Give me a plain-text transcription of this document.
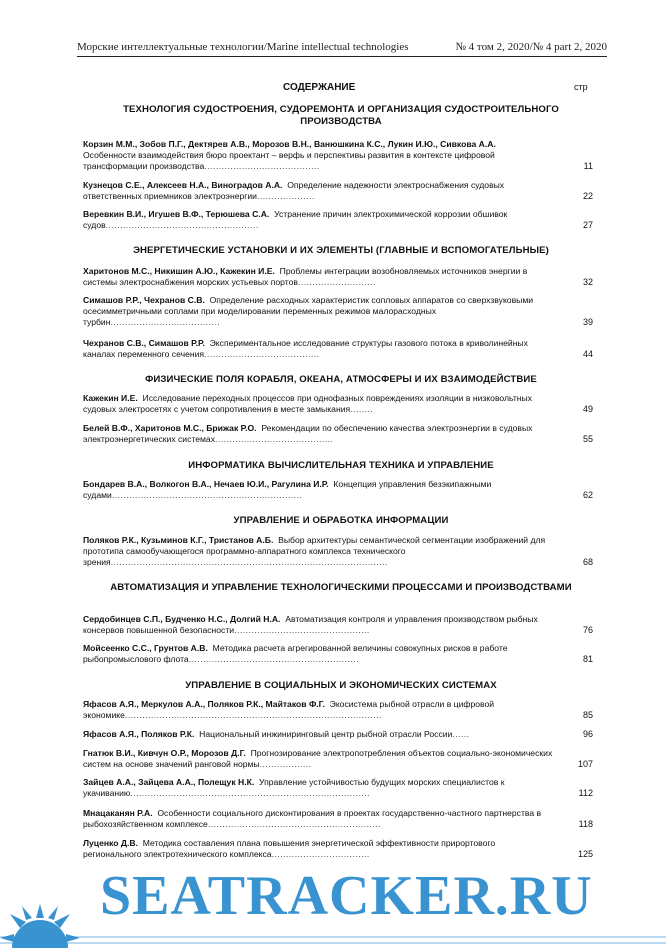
Морские интеллектуальные технологии/Marine intellectual technologies	№ 4 том 2, 2020/№ 4 part 2, 2020
СОДЕРЖАНИЕ	стр
ТЕХНОЛОГИЯ СУДОСТРОЕНИЯ, СУДОРЕМОНТА И ОРГАНИЗАЦИЯ СУДОСТРОИТЕЛЬНОГО ПРОИЗВОДСТВА
Корзин М.М., Зобов П.Г., Дектярев А.В., Морозов В.Н., Ванюшкина К.С., Лукин И.Ю., Сивкова А.А.  Особенности взаимодействия бюро проектант – верфь и перспективы развития в контексте цифровой трансформации производства........................................	11
Кузнецов С.Е., Алексеев Н.А., Виноградов А.А. Определение надежности электроснабжения судовых ответственных приемников электроэнергии....................	22
Веревкин В.И., Игушев В.Ф., Терюшева С.А. Устранение причин электрохимической коррозии обшивок судов.....................................................	27
ЭНЕРГЕТИЧЕСКИЕ УСТАНОВКИ И ИХ ЭЛЕМЕНТЫ (ГЛАВНЫЕ И ВСПОМОГАТЕЛЬНЫЕ)
Харитонов М.С., Никишин А.Ю., Кажекин И.Е. Проблемы интеграции возобновляемых источников энергии в системы электроснабжения морских устьевых портов...........................	32
Симашов Р.Р., Чехранов С.В. Определение расходных характеристик сопловых аппаратов со сверхзвуковыми осесимметричными соплами при моделировании переменных режимов малорасходных турбин......................................	39
Чехранов С.В., Симашов Р.Р. Экспериментальное исследование структуры газового потока в криволинейных каналах переменного сечения........................................	44
ФИЗИЧЕСКИЕ ПОЛЯ КОРАБЛЯ, ОКЕАНА, АТМОСФЕРЫ И ИХ ВЗАИМОДЕЙСТВИЕ
Кажекин И.Е. Исследование переходных процессов при однофазных повреждениях изоляции в низковольтных судовых электросетях с учетом сопротивления в месте замыкания........	49
Белей В.Ф., Харитонов М.С., Брижак Р.О. Рекомендации по обеспечению качества электроэнергии в судовых электроэнергетических системах.........................................	55
ИНФОРМАТИКА ВЫЧИСЛИТЕЛЬНАЯ ТЕХНИКА И УПРАВЛЕНИЕ
Бондарев В.А., Волкогон В.А., Нечаев Ю.И., Рагулина И.Р. Концепция управления безэкипажными судами..................................................................	62
УПРАВЛЕНИЕ И ОБРАБОТКА ИНФОРМАЦИИ
Поляков Р.К., Кузьминов К.Г., Тристанов А.Б. Выбор архитектуры семантической сегментации изображений для прототипа самообучающегося программно-аппаратного комплекса технического зрения................................................................................................	68
АВТОМАТИЗАЦИЯ И УПРАВЛЕНИЕ ТЕХНОЛОГИЧЕСКИМИ ПРОЦЕССАМИ И ПРОИЗВОДСТВАМИ
Сердобинцев С.П., Будченко Н.С., Долгий Н.А. Автоматизация контроля и управления производством рыбных консервов повышенной безопасности...............................................	76
Мойсеенко С.С., Грунтов А.В. Методика расчета агрегированной величины совокупных рисков в работе рыбопромыслового флота...........................................................	81
УПРАВЛЕНИЕ В СОЦИАЛЬНЫХ И ЭКОНОМИЧЕСКИХ СИСТЕМАХ
Яфасов А.Я., Меркулов А.А., Поляков Р.К., Майтаков Ф.Г. Экосистема рыбной отрасли в цифровой экономике.........................................................................................	85
Яфасов А.Я., Поляков Р.К. Национальный инжиниринговый центр рыбной отрасли России......	96
Гнатюк В.И., Кивчун О.Р., Морозов Д.Г. Прогнозирование электропотребления объектов социально-экономических систем на основе значений ранговой нормы..................	107
Зайцев А.А., Зайцева А.А., Полещук Н.К. Управление устойчивостью будущих морских специалистов к укачиванию...................................................................................	112
Мнацаканян Р.А. Особенности социального дисконтирования в проектах государственно-частного партнерства в рыбохозяйственном комплексе............................................................	118
Луценко Д.В. Методика составления плана повышения энергетической эффективности прирортового регионального электротехнического комплекса..................................	125
SEATRACKER.RU
